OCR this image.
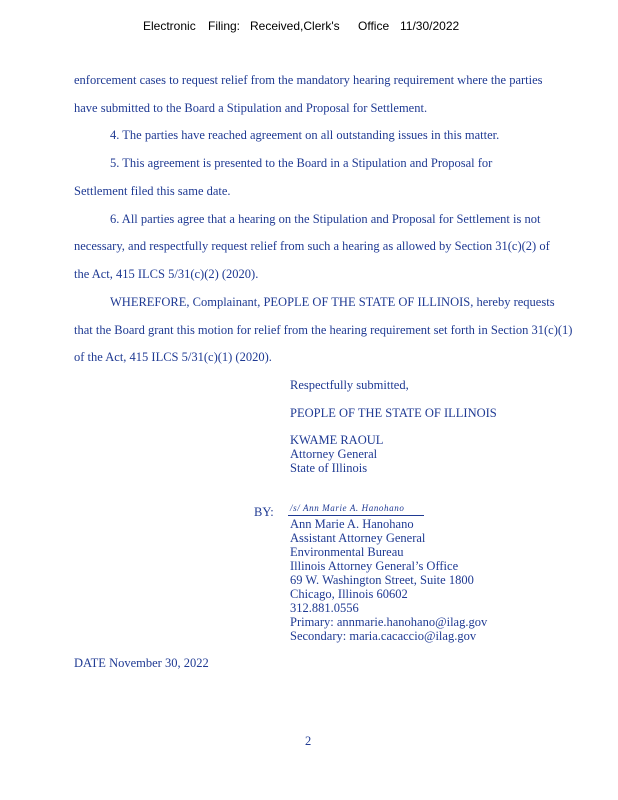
Electronic Filing: Received,Clerk's Office 11/30/2022
enforcement cases to request relief from the mandatory hearing requirement where the parties
have submitted to the Board a Stipulation and Proposal for Settlement.
4. The parties have reached agreement on all outstanding issues in this matter.
5. This agreement is presented to the Board in a Stipulation and Proposal for
Settlement filed this same date.
6. All parties agree that a hearing on the Stipulation and Proposal for Settlement is not
necessary, and respectfully request relief from such a hearing as allowed by Section 31(c)(2) of
the Act, 415 ILCS 5/31(c)(2) (2020).
WHEREFORE, Complainant, PEOPLE OF THE STATE OF ILLINOIS, hereby requests
that the Board grant this motion for relief from the hearing requirement set forth in Section 31(c)(1)
of the Act, 415 ILCS 5/31(c)(1) (2020).
Respectfully submitted,
PEOPLE OF THE STATE OF ILLINOIS
KWAME RAOUL
Attorney General
State of Illinois
BY: /s/ Ann Marie A. Hanohano
Ann Marie A. Hanohano
Assistant Attorney General
Environmental Bureau
Illinois Attorney General’s Office
69 W. Washington Street, Suite 1800
Chicago, Illinois 60602
312.881.0556
Primary: annmarie.hanohano@ilag.gov
Secondary: maria.cacaccio@ilag.gov
DATE November 30, 2022
2
